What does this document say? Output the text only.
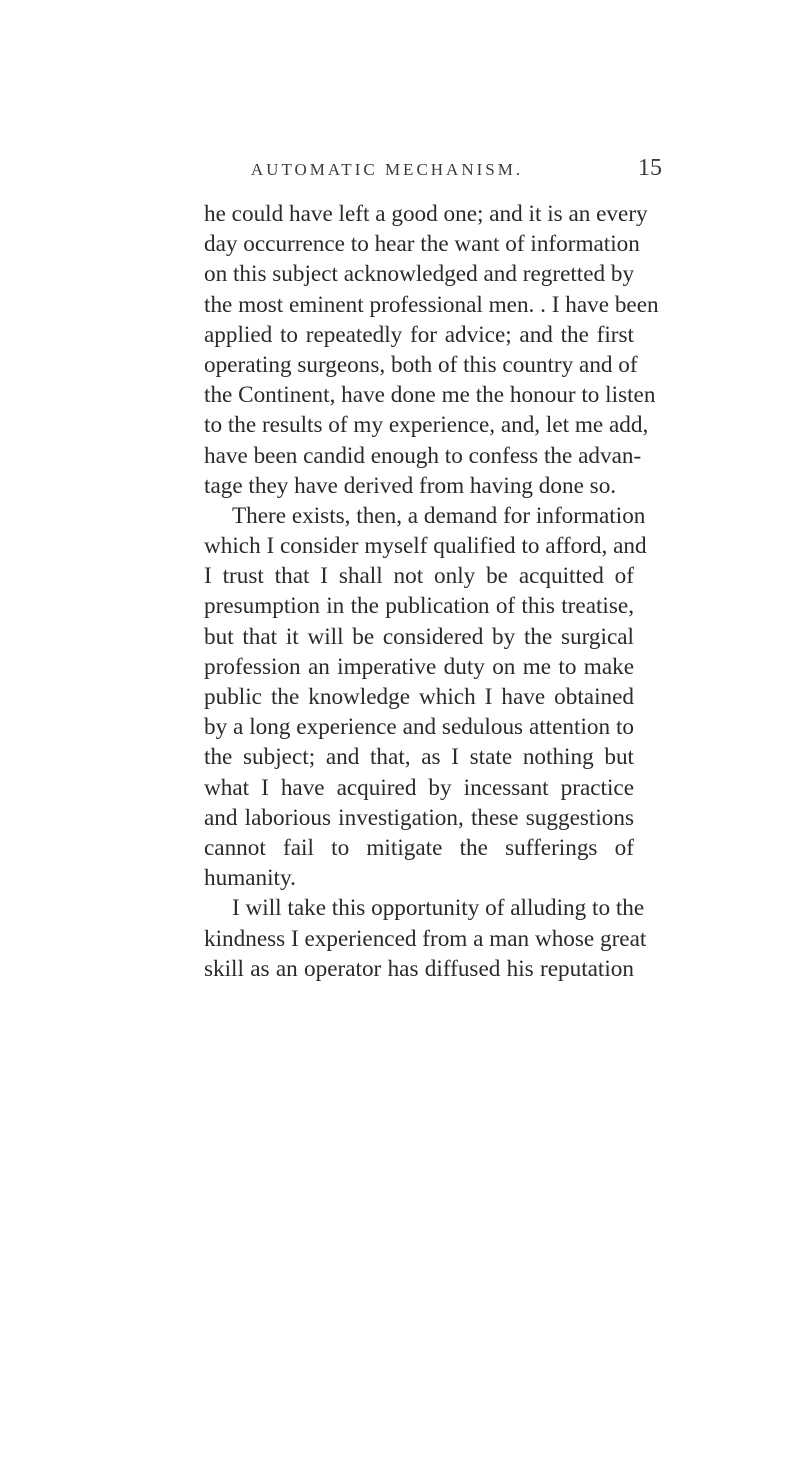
AUTOMATIC MECHANISM.	15
he could have left a good one; and it is an every
day occurrence to hear the want of information
on this subject acknowledged and regretted by
the most eminent professional men. . I have been
applied to repeatedly for advice; and the first
operating surgeons, both of this country and of
the Continent, have done me the honour to listen
to the results of my experience, and, let me add,
have been candid enough to confess the advan-
tage they have derived from having done so.
There exists, then, a demand for information
which I consider myself qualified to afford, and
I trust that I shall not only be acquitted of
presumption in the publication of this treatise,
but that it will be considered by the surgical
profession an imperative duty on me to make
public the knowledge which I have obtained
by a long experience and sedulous attention to
the subject; and that, as I state nothing but
what I have acquired by incessant practice
and laborious investigation, these suggestions
cannot fail to mitigate the sufferings of
humanity.
I will take this opportunity of alluding to the
kindness I experienced from a man whose great
skill as an operator has diffused his reputation
